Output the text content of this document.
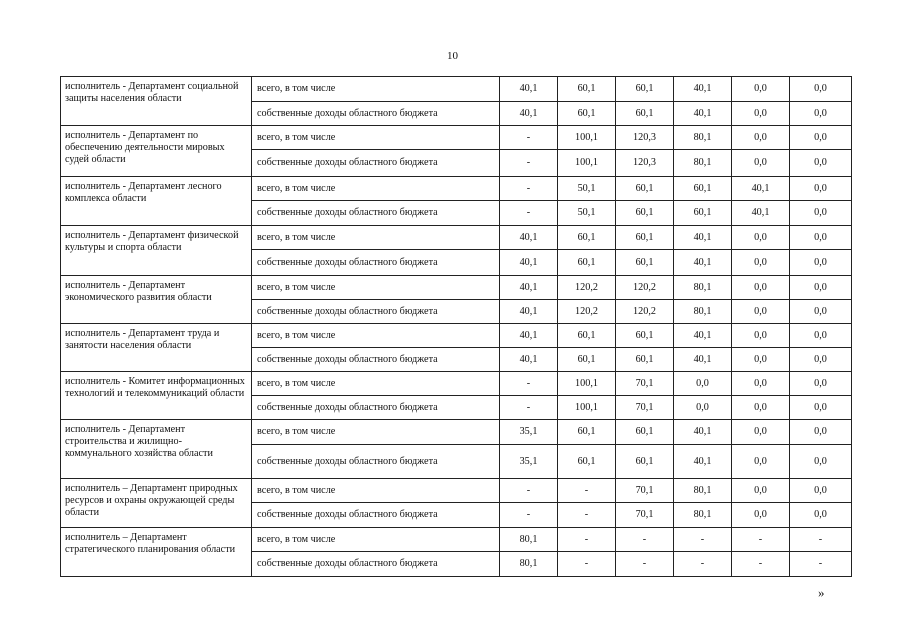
10
исполнитель - Департамент социальной защиты населения области	всего, в том числе	40,1	60,1	60,1	40,1	0,0	0,0
	собственные доходы областного бюджета	40,1	60,1	60,1	40,1	0,0	0,0
исполнитель - Департамент по обеспечению деятельности мировых судей области	всего, в том числе	-	100,1	120,3	80,1	0,0	0,0
	собственные доходы областного бюджета	-	100,1	120,3	80,1	0,0	0,0
исполнитель - Департамент лесного комплекса области	всего, в том числе	-	50,1	60,1	60,1	40,1	0,0
	собственные доходы областного бюджета	-	50,1	60,1	60,1	40,1	0,0
исполнитель - Департамент физической культуры и спорта области	всего, в том числе	40,1	60,1	60,1	40,1	0,0	0,0
	собственные доходы областного бюджета	40,1	60,1	60,1	40,1	0,0	0,0
исполнитель - Департамент экономического развития области	всего, в том числе	40,1	120,2	120,2	80,1	0,0	0,0
	собственные доходы областного бюджета	40,1	120,2	120,2	80,1	0,0	0,0
исполнитель - Департамент труда и занятости населения области	всего, в том числе	40,1	60,1	60,1	40,1	0,0	0,0
	собственные доходы областного бюджета	40,1	60,1	60,1	40,1	0,0	0,0
исполнитель - Комитет информационных технологий и телекоммуникаций области	всего, в том числе	-	100,1	70,1	0,0	0,0	0,0
	собственные доходы областного бюджета	-	100,1	70,1	0,0	0,0	0,0
исполнитель - Департамент строительства и жилищно-коммунального хозяйства области	всего, в том числе	35,1	60,1	60,1	40,1	0,0	0,0
	собственные доходы областного бюджета	35,1	60,1	60,1	40,1	0,0	0,0
исполнитель – Департамент природных ресурсов и охраны окружающей среды области	всего, в том числе	-	-	70,1	80,1	0,0	0,0
	собственные доходы областного бюджета	-	-	70,1	80,1	0,0	0,0
исполнитель – Департамент стратегического планирования области	всего, в том числе	80,1	-	-	-	-	-
	собственные доходы областного бюджета	80,1	-	-	-	-	-
»
